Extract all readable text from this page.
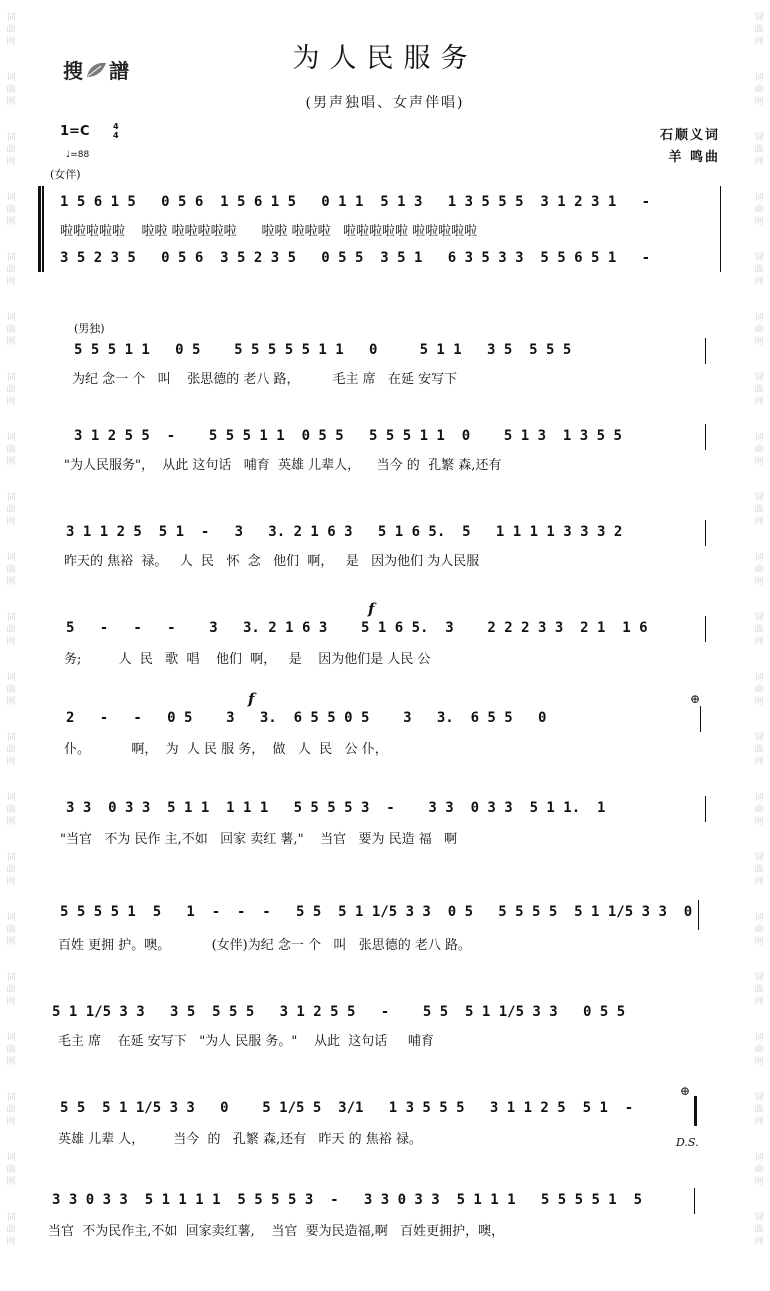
词
曲
网
词
曲
网
词
曲
网
词
曲
网
词
曲
网
词
曲
网
词
曲
网
词
曲
网
词
曲
网
词
曲
网
词
曲
网
词
曲
网
词
曲
网
词
曲
网
词
曲
网
词
曲
网
词
曲
网
词
曲
网
词
曲
网
词
曲
网
词
曲
网
词
曲
网
词
曲
网
词
曲
网
词
曲
网
词
曲
网
词
曲
网
词
曲
网
词
曲
网
词
曲
网
词
曲
网
词
曲
网
词
曲
网
词
曲
网
词
曲
网
词
曲
网
词
曲
网
词
曲
网
词
曲
网
词
曲
网
词
曲
网
词
曲
网
搜 譜	为人民服务
(男声独唱、女声伴唱)
1=C	4
4
♩=88
石顺义词
羊 鸣曲
(女伴)
1 5 6 1 5   0 5 6  1 5 6 1 5   0 1 1  5 1 3   1 3 5 5 5  3 1 2 3 1   -
啦啦啦啦啦    啦啦 啦啦啦啦啦      啦啦 啦啦啦   啦啦啦啦啦 啦啦啦啦啦
3 5 2 3 5   0 5 6  3 5 2 3 5   0 5 5  3 5 1   6 3 5 3 3  5 5 6 5 1   -
(男独)
5 5 5 1 1   0 5    5 5 5 5 5 1 1   0     5 1 1   3 5  5 5 5
为纪 念一 个   叫    张思德的 老八 路，        毛主 席   在延 安写下
3 1 2 5 5  -    5 5 5 1 1  0 5 5   5 5 5 1 1  0    5 1 3  1 3 5 5
"为人民服务"，  从此 这句话   哺育  英雄 儿辈人，    当今 的  孔繁 森,还有
3 1 1 2 5  5 1  -   3   3. 2 1 6 3   5 1 6 5.  5   1 1 1 1 3 3 3 2
昨天的 焦裕  禄。   人  民   怀  念   他们  啊，   是   因为他们 为人民服
f
5   -   -   -    3   3. 2 1 6 3    5 1 6 5.  3    2 2 2 3 3  2 1  1 6
务;         人  民   歌  唱    他们  啊，   是    因为他们是 人民 公
f	⊕
2   -   -   0 5    3   3.  6 5 5 0 5    3   3.  6 5 5   0
仆。          啊，  为  人 民 服 务，  做   人  民   公 仆，
3 3  0 3 3  5 1 1  1 1 1   5 5 5 5 3  -    3 3  0 3 3  5 1 1.  1
"当官   不为 民作 主,不如   回家 卖红 薯,"    当官   要为 民造 福   啊
5 5 5 5 1  5   1  -  -  -   5 5  5 1 1/5 3 3  0 5   5 5 5 5  5 1 1/5 3 3  0
百姓 更拥 护。噢。          (女伴)为纪 念一 个   叫   张思德的 老八 路。
5 1 1/5 3 3   3 5  5 5 5   3 1 2 5 5   -    5 5  5 1 1/5 3 3   0 5 5
毛主 席    在延 安写下   "为人 民服 务。"    从此  这句话     哺育
5 5  5 1 1/5 3 3   0    5 1/5 5  3/1   1 3 5 5 5   3 1 1 2 5  5 1  -
英雄 儿辈 人，       当今  的   孔繁 森,还有   昨天 的 焦裕 禄。
⊕
D.S.
3 3 0 3 3  5 1 1 1 1  5 5 5 5 3  -   3 3 0 3 3  5 1 1 1   5 5 5 5 1  5
当官  不为民作主,不如  回家卖红薯,    当官  要为民造福,啊   百姓更拥护，噢，
